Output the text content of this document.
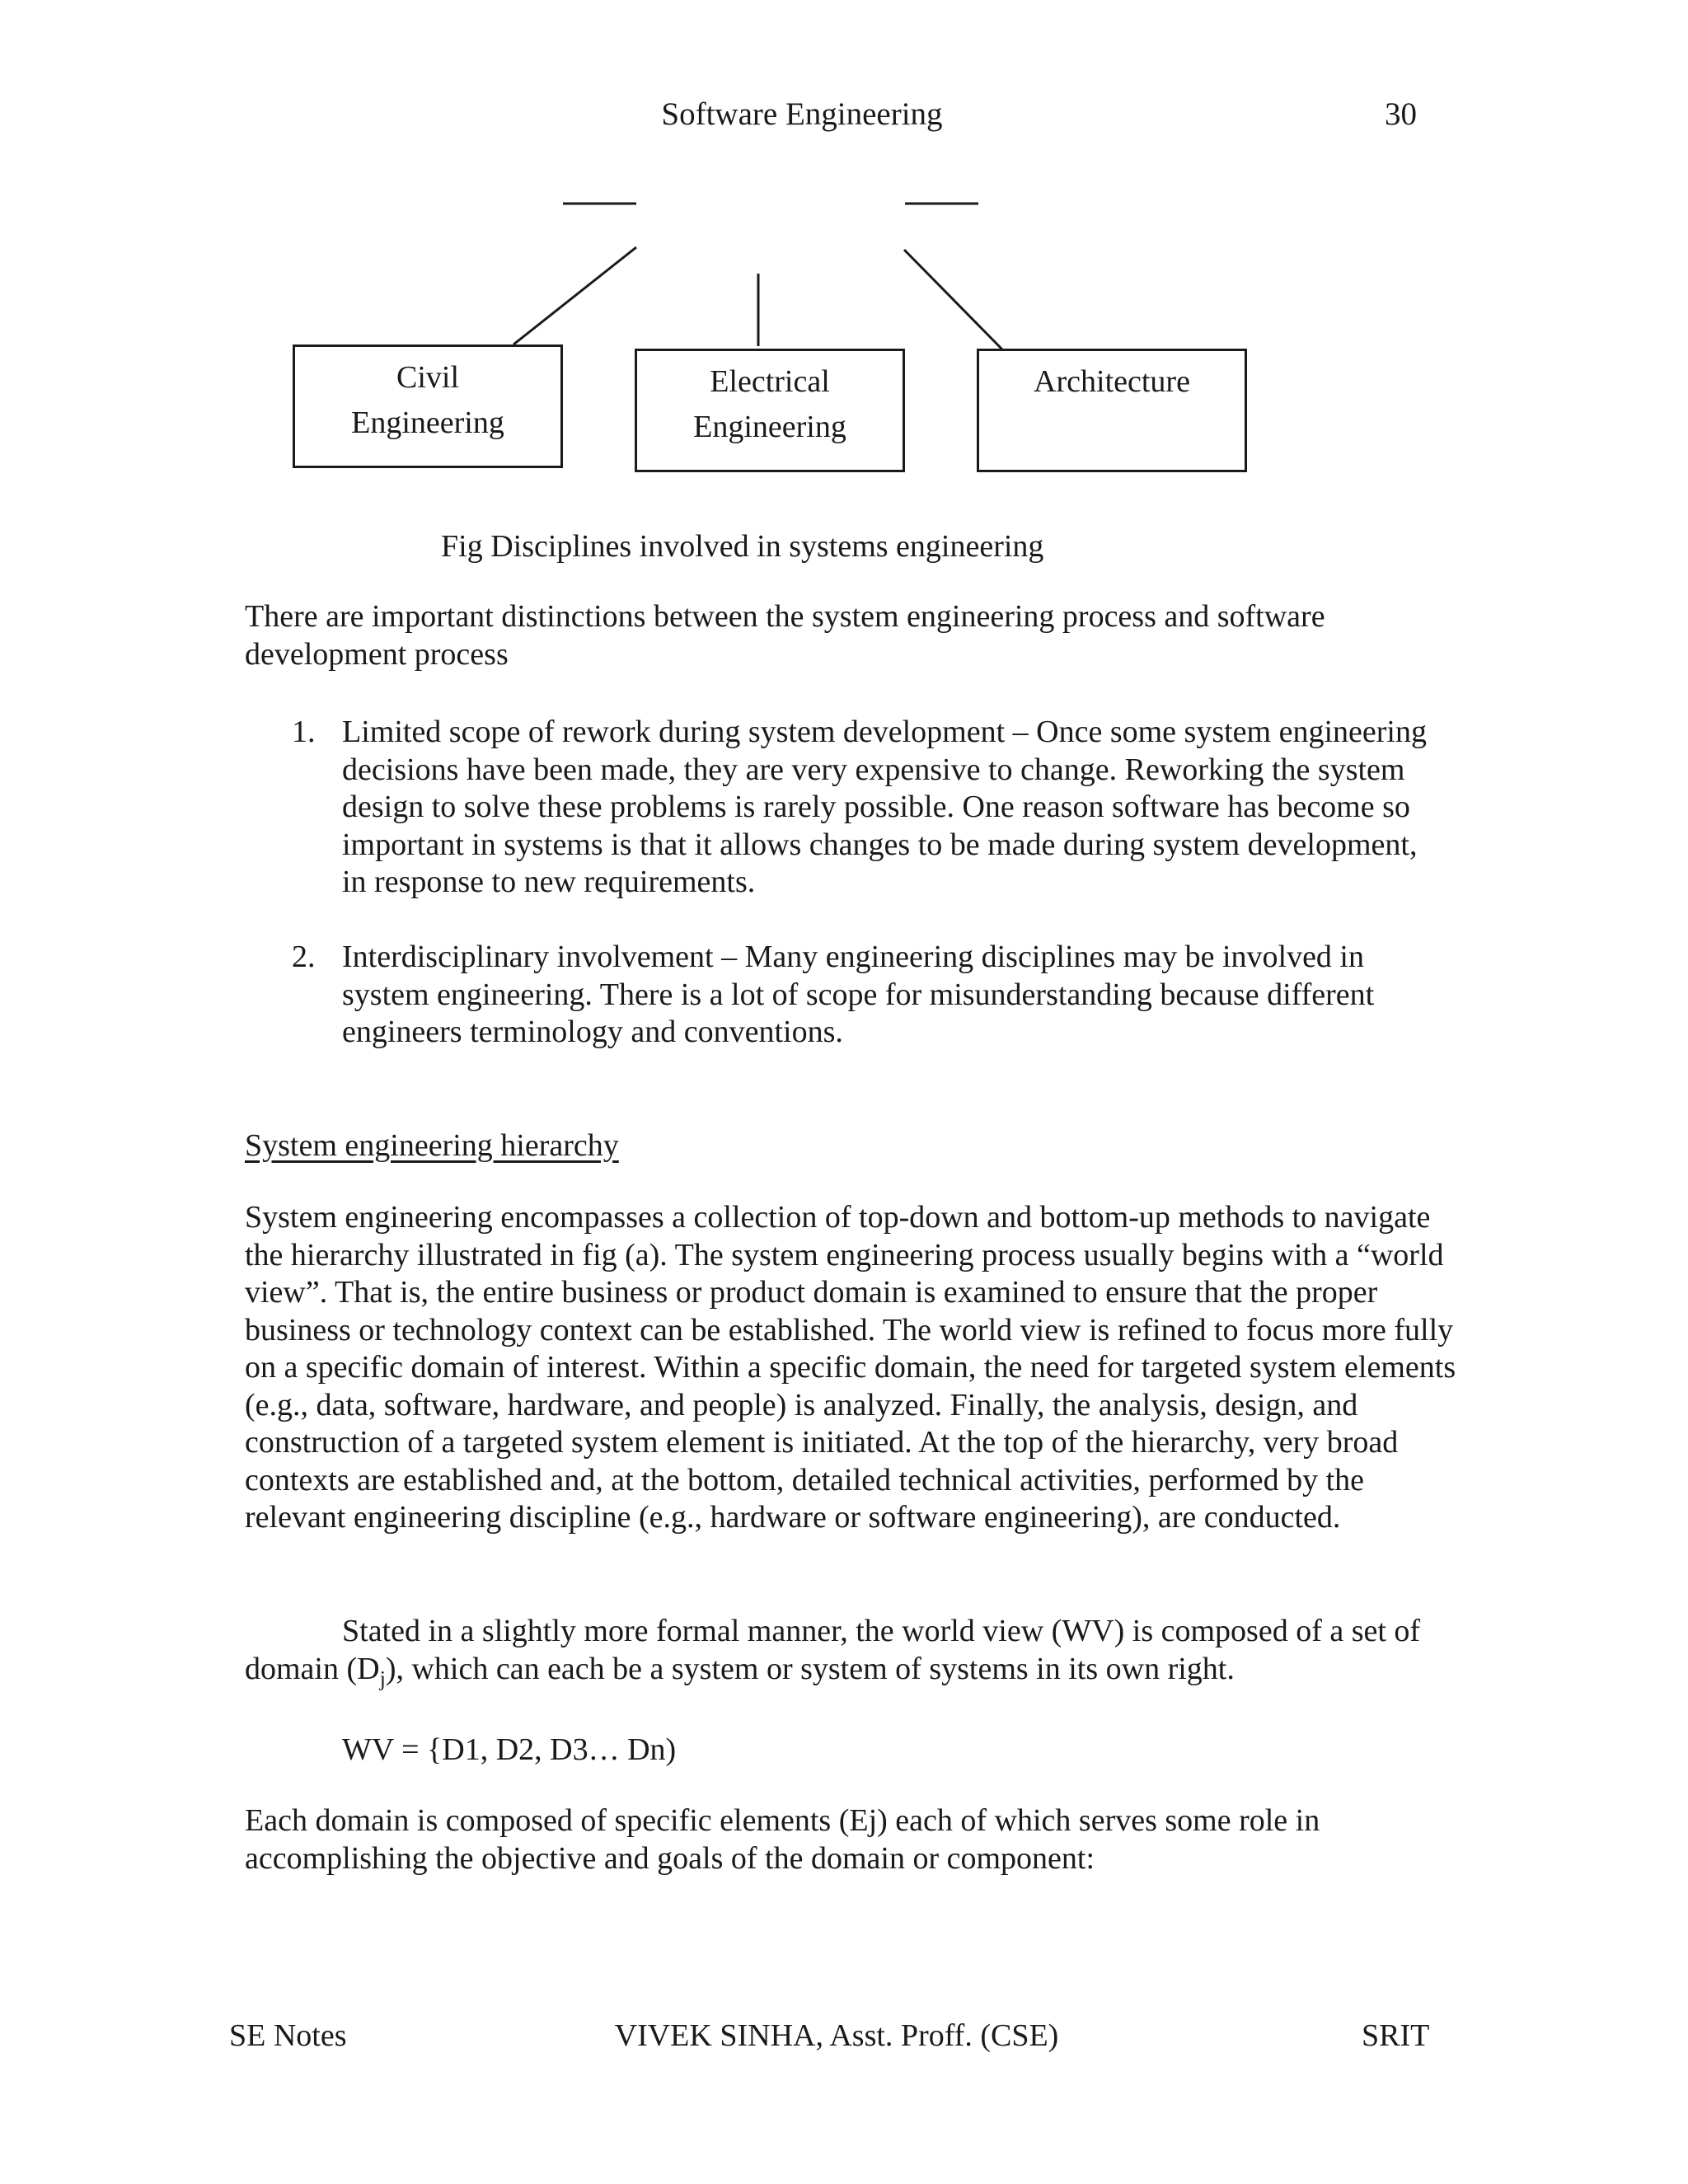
Software Engineering	30
Civil
Engineering
Electrical
Engineering
Architecture
Fig Disciplines involved in systems engineering

There are important distinctions between the system engineering process and software development process

1. Limited scope of rework during system development – Once some system engineering decisions have been made, they are very expensive to change. Reworking the system design to solve these problems is rarely possible. One reason software has become so important in systems is that it allows changes to be made during system development, in response to new requirements.

2. Interdisciplinary involvement – Many engineering disciplines may be involved in system engineering. There is a lot of scope for misunderstanding because different engineers terminology and conventions.

System engineering hierarchy

System engineering encompasses a collection of top-down and bottom-up methods to navigate the hierarchy illustrated in fig (a). The system engineering process usually begins with a “world view”. That is, the entire business or product domain is examined to ensure that the proper business or technology context can be established. The world view is refined to focus more fully on a specific domain of interest. Within a specific domain, the need for targeted system elements (e.g., data, software, hardware, and people) is analyzed. Finally, the analysis, design, and construction of a targeted system element is initiated. At the top of the hierarchy, very broad contexts are established and, at the bottom, detailed technical activities, performed by the relevant engineering discipline (e.g., hardware or software engineering), are conducted.

Stated in a slightly more formal manner, the world view (WV) is composed of a set of domain $(D_j)$, which can each be a system or system of systems in its own right.

WV = {D1, D2, D3… Dn)

Each domain is composed of specific elements (Ej) each of which serves some role in accomplishing the objective and goals of the domain or component:

SE Notes	VIVEK SINHA, Asst. Proff. (CSE)	SRIT
